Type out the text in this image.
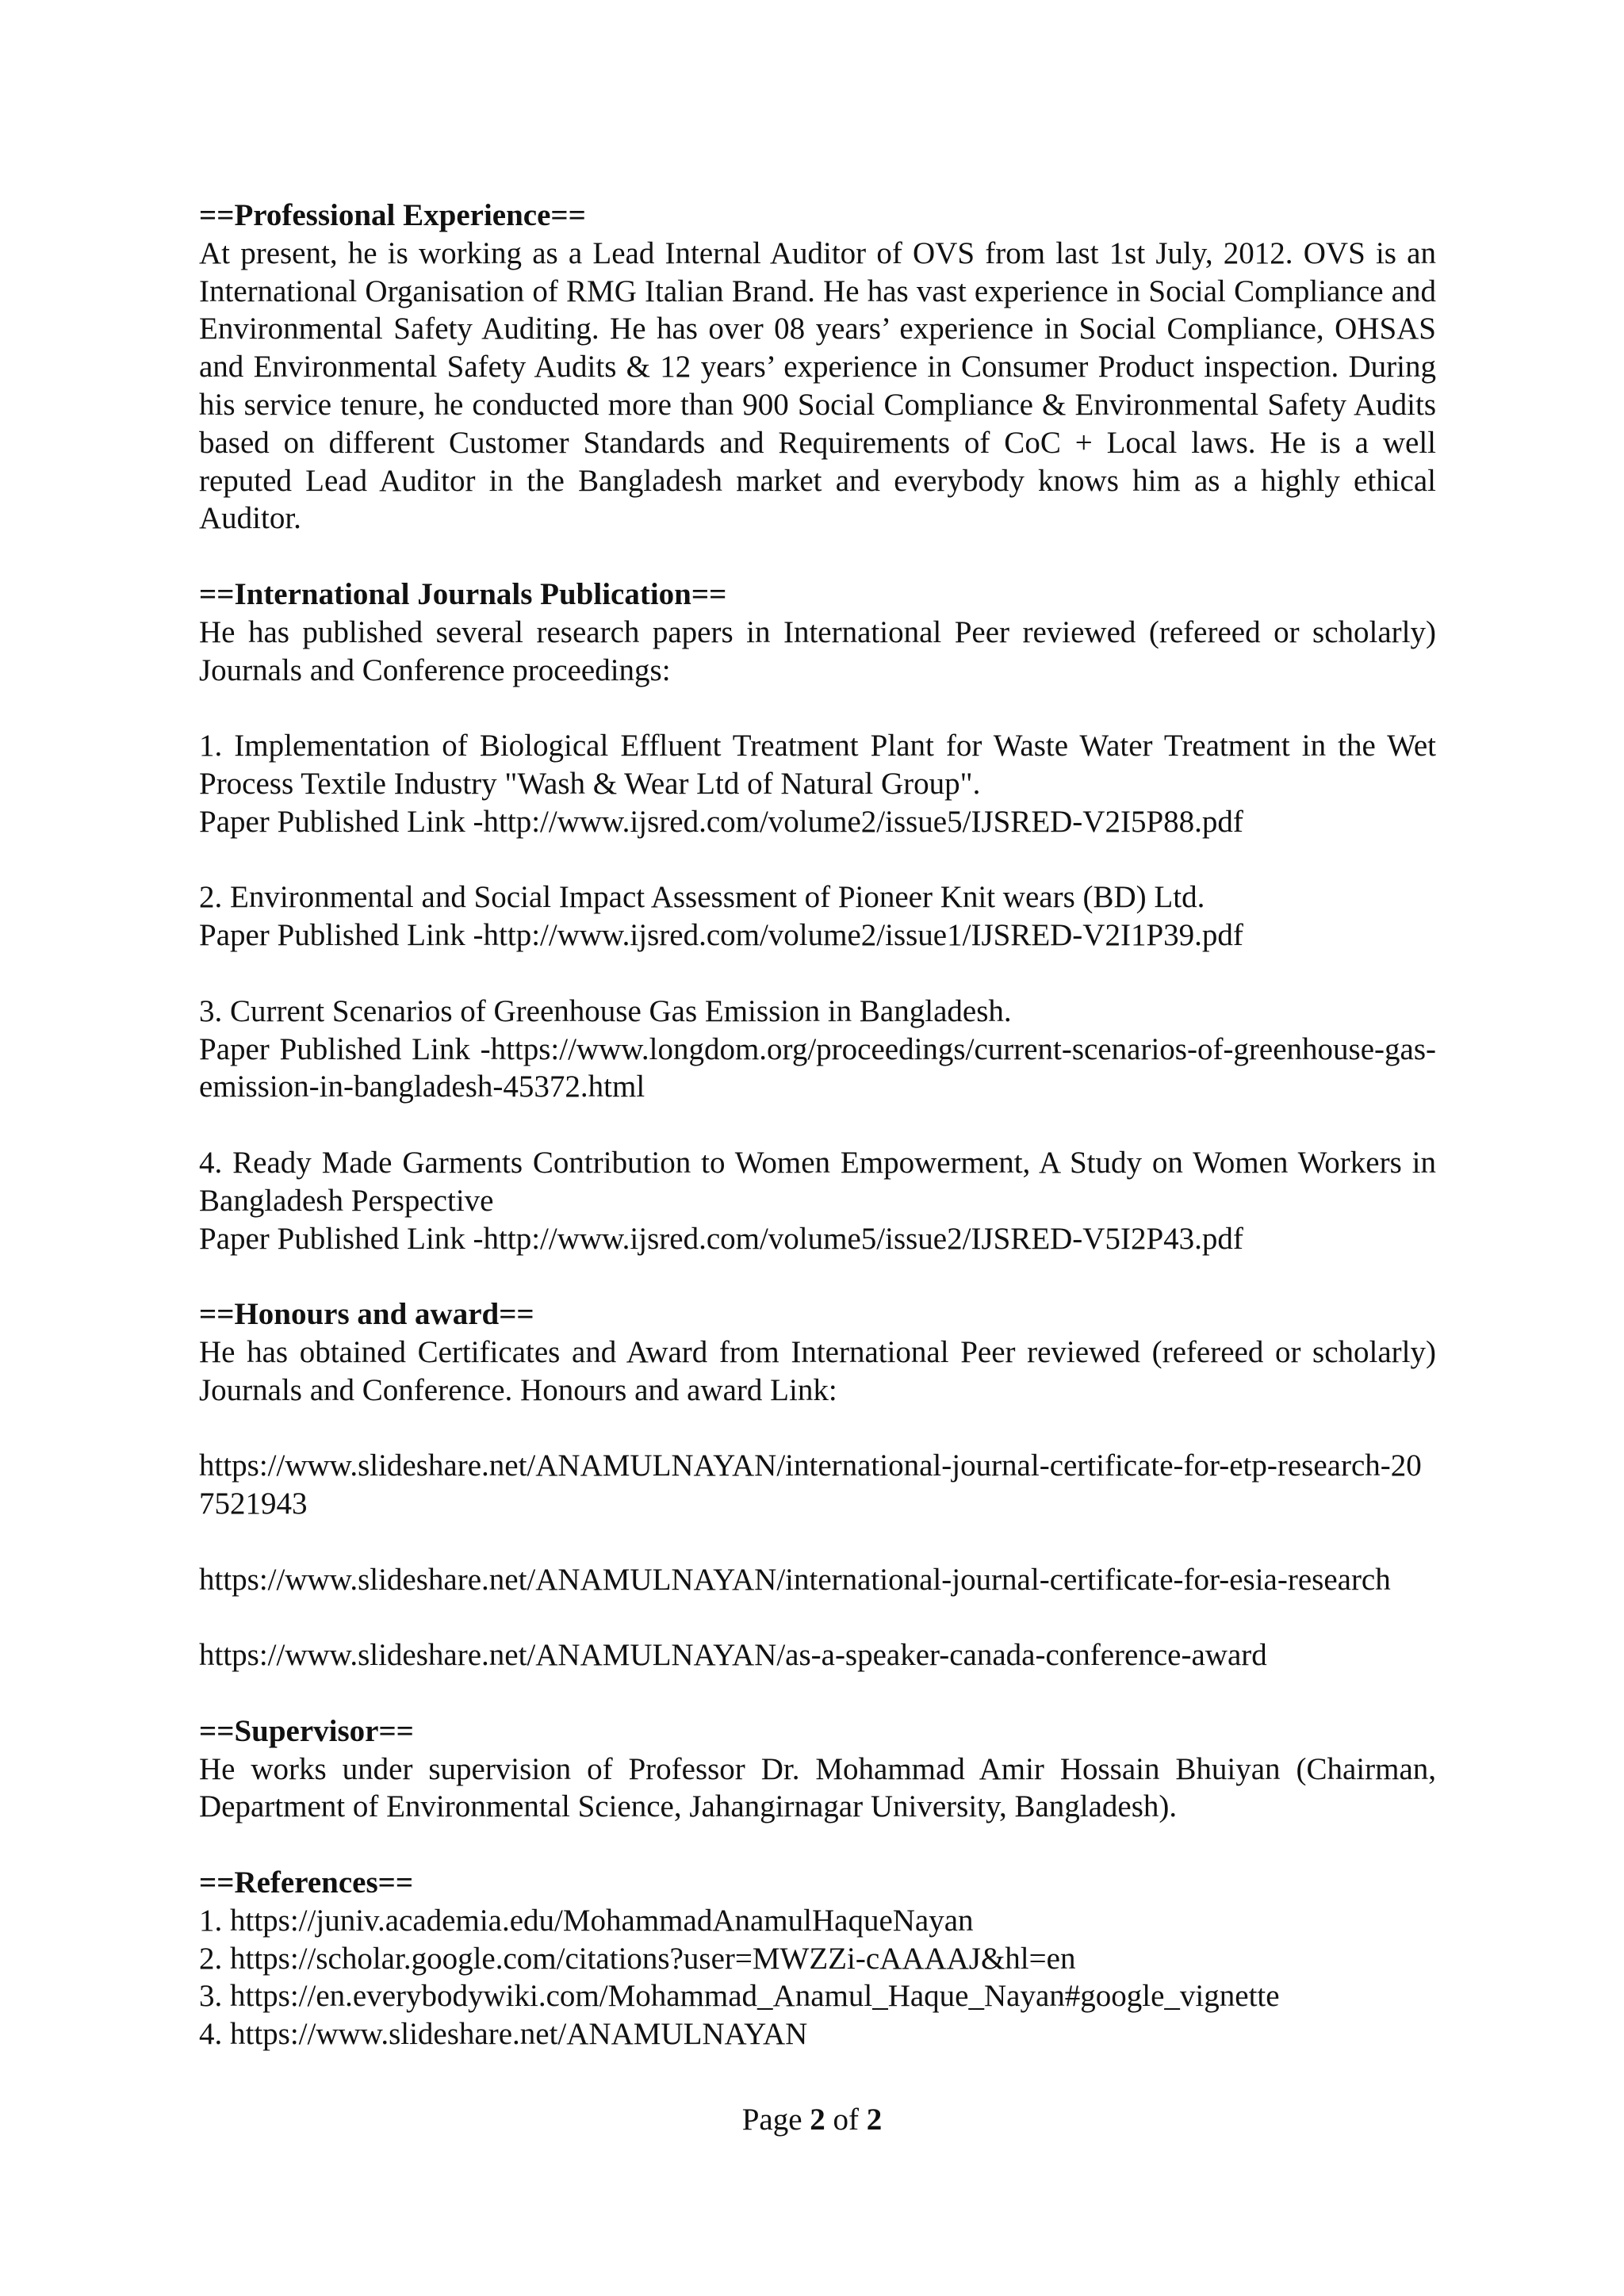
==Professional Experience==

At present, he is working as a Lead Internal Auditor of OVS from last 1st July, 2012. OVS is an International Organisation of RMG Italian Brand. He has vast experience in Social Compliance and Environmental Safety Auditing. He has over 08 years’ experience in Social Compliance, OHSAS and Environmental Safety Audits & 12 years’ experience in Consumer Product inspection. During his service tenure, he conducted more than 900 Social Compliance & Environmental Safety Audits based on different Customer Standards and Requirements of CoC + Local laws. He is a well reputed Lead Auditor in the Bangladesh market and everybody knows him as a highly ethical Auditor.

==International Journals Publication==

He has published several research papers in International Peer reviewed (refereed or scholarly) Journals and Conference proceedings:

1. Implementation of Biological Effluent Treatment Plant for Waste Water Treatment in the Wet Process Textile Industry "Wash & Wear Ltd of Natural Group".

Paper Published Link -http://www.ijsred.com/volume2/issue5/IJSRED-V2I5P88.pdf

2. Environmental and Social Impact Assessment of Pioneer Knit wears (BD) Ltd.

Paper Published Link -http://www.ijsred.com/volume2/issue1/IJSRED-V2I1P39.pdf

3. Current Scenarios of Greenhouse Gas Emission in Bangladesh.

Paper Published Link -https://www.longdom.org/proceedings/current-scenarios-of-greenhouse-gas-emission-in-bangladesh-45372.html

4. Ready Made Garments Contribution to Women Empowerment, A Study on Women Workers in Bangladesh Perspective

Paper Published Link -http://www.ijsred.com/volume5/issue2/IJSRED-V5I2P43.pdf

==Honours and award==

He has obtained Certificates and Award from International Peer reviewed (refereed or scholarly) Journals and Conference. Honours and award Link:

https://www.slideshare.net/ANAMULNAYAN/international-journal-certificate-for-etp-research-207521943

https://www.slideshare.net/ANAMULNAYAN/international-journal-certificate-for-esia-research

https://www.slideshare.net/ANAMULNAYAN/as-a-speaker-canada-conference-award

==Supervisor==

He works under supervision of Professor Dr. Mohammad Amir Hossain Bhuiyan (Chairman, Department of Environmental Science, Jahangirnagar University, Bangladesh).

==References==

1. https://juniv.academia.edu/MohammadAnamulHaqueNayan
2. https://scholar.google.com/citations?user=MWZZi-cAAAAJ&hl=en
3. https://en.everybodywiki.com/Mohammad_Anamul_Haque_Nayan#google_vignette
4. https://www.slideshare.net/ANAMULNAYAN
Page 2 of 2
